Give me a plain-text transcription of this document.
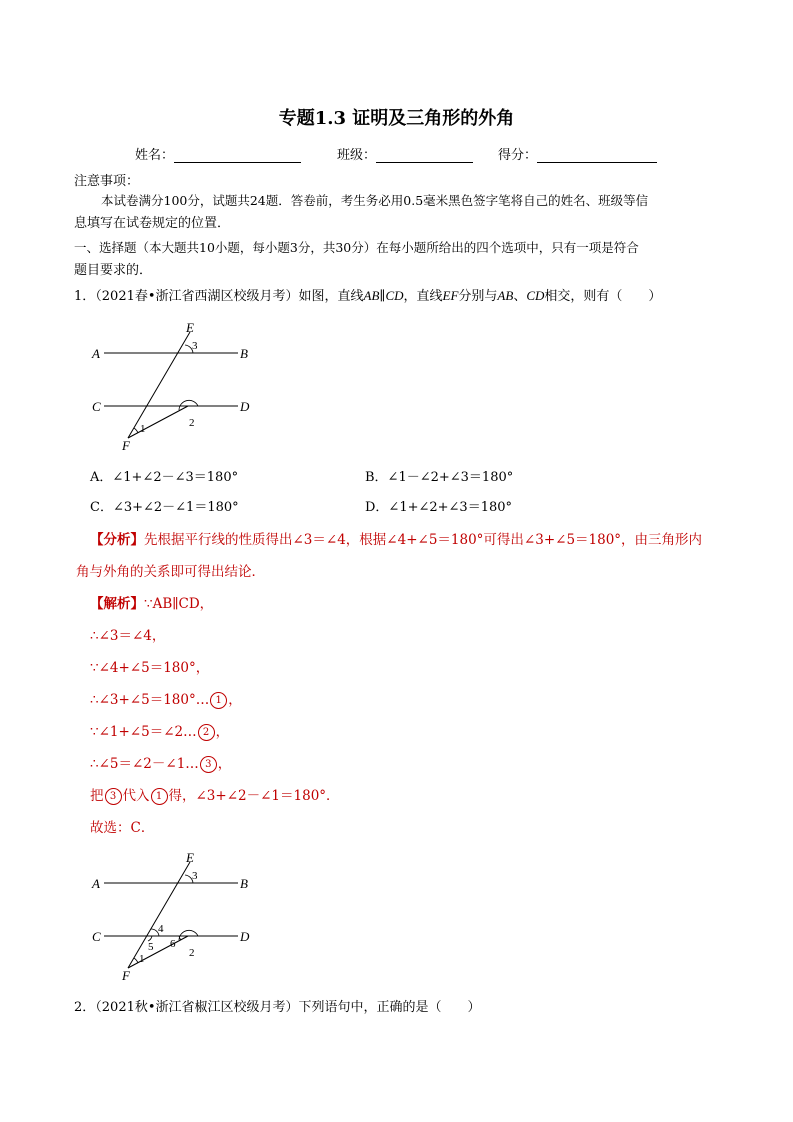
专题1.3 证明及三角形的外角
姓名：	班级：	得分：
注意事项：
本试卷满分100分，试题共24题．答卷前，考生务必用0.5毫米黑色签字笔将自己的姓名、班级等信
息填写在试卷规定的位置．
一、选择题（本大题共10小题，每小题3分，共30分）在每小题所给出的四个选项中，只有一项是符合
题目要求的．
1．（2021春•浙江省西湖区校级月考）如图，直线AB∥CD，直线EF分别与AB、CD相交，则有（　　）
A	B
C	D
E
F
1	2
3
A．∠1+∠2－∠3＝180°	B．∠1－∠2+∠3＝180°
C．∠3+∠2－∠1＝180°	D．∠1+∠2+∠3＝180°
【分析】先根据平行线的性质得出∠3＝∠4，根据∠4+∠5＝180°可得出∠3+∠5＝180°，由三角形内
角与外角的关系即可得出结论．
【解析】∵AB∥CD，
∴∠3＝∠4，
∵∠4+∠5＝180°，
∴∠3+∠5＝180°… 1 ，
∵∠1+∠5＝∠2… 2 ，
∴∠5＝∠2－∠1… 3 ，
把 3 代入 1 得，∠3+∠2－∠1＝180°．
故选：C．
A	B
C	D
E
F
1	2
3
4
5 6
2．（2021秋•浙江省椒江区校级月考）下列语句中，正确的是（　　）
